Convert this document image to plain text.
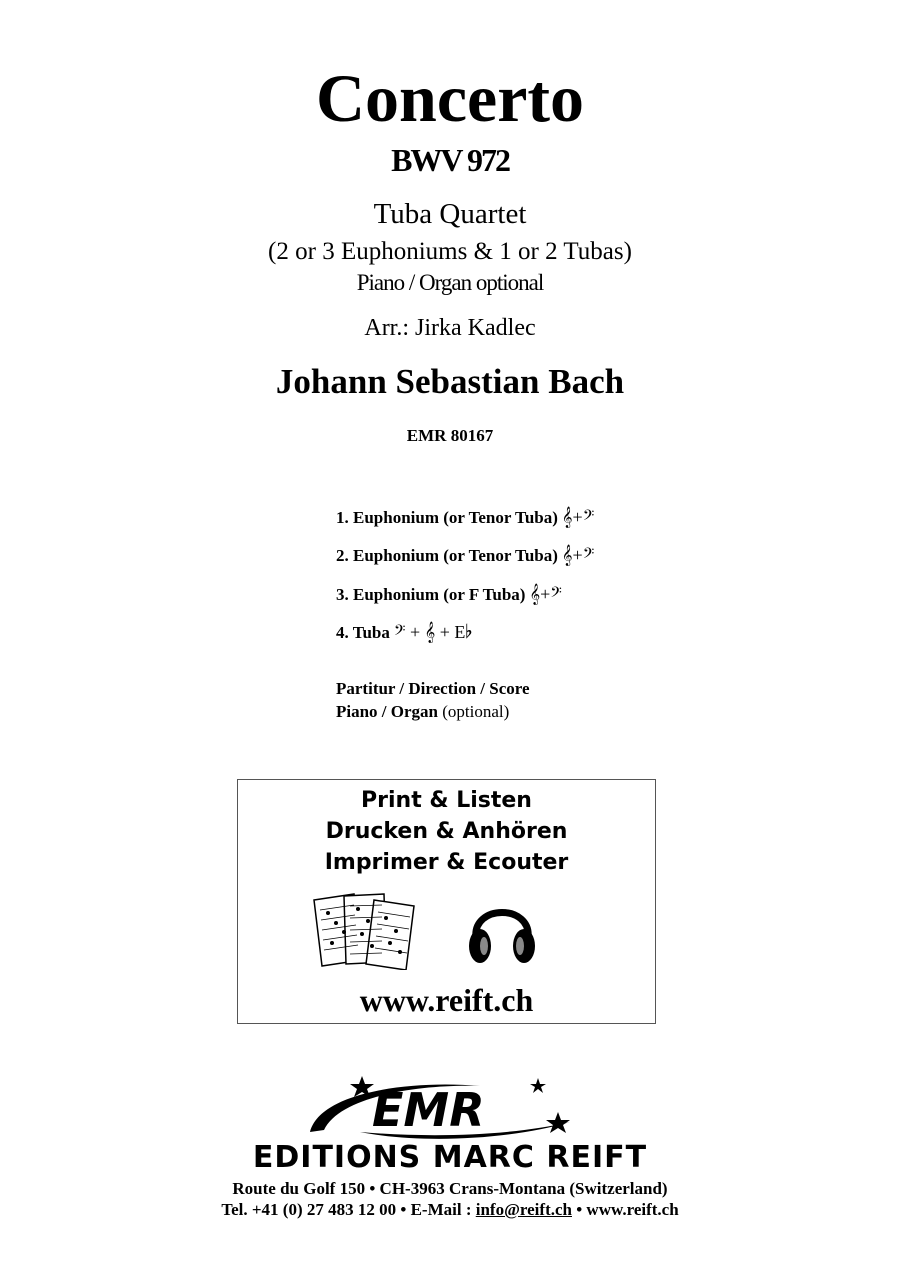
Concerto
BWV 972
Tuba Quartet
(2 or 3 Euphoniums & 1 or 2 Tubas)
Piano / Organ optional
Arr.: Jirka Kadlec
Johann Sebastian Bach
EMR 80167
1. Euphonium (or Tenor Tuba) 𝄞+𝄢
2. Euphonium (or Tenor Tuba) 𝄞+𝄢
3. Euphonium (or F Tuba) 𝄞+𝄢
4. Tuba 𝄢 + 𝄞 + E♭
Partitur / Direction / Score
Piano / Organ (optional)
Print & Listen
Drucken & Anhören
Imprimer & Ecouter
www.reift.ch
EMR
EDITIONS MARC REIFT
Route du Golf 150 • CH-3963 Crans-Montana (Switzerland)
Tel. +41 (0) 27 483 12 00 • E-Mail : info@reift.ch • www.reift.ch
